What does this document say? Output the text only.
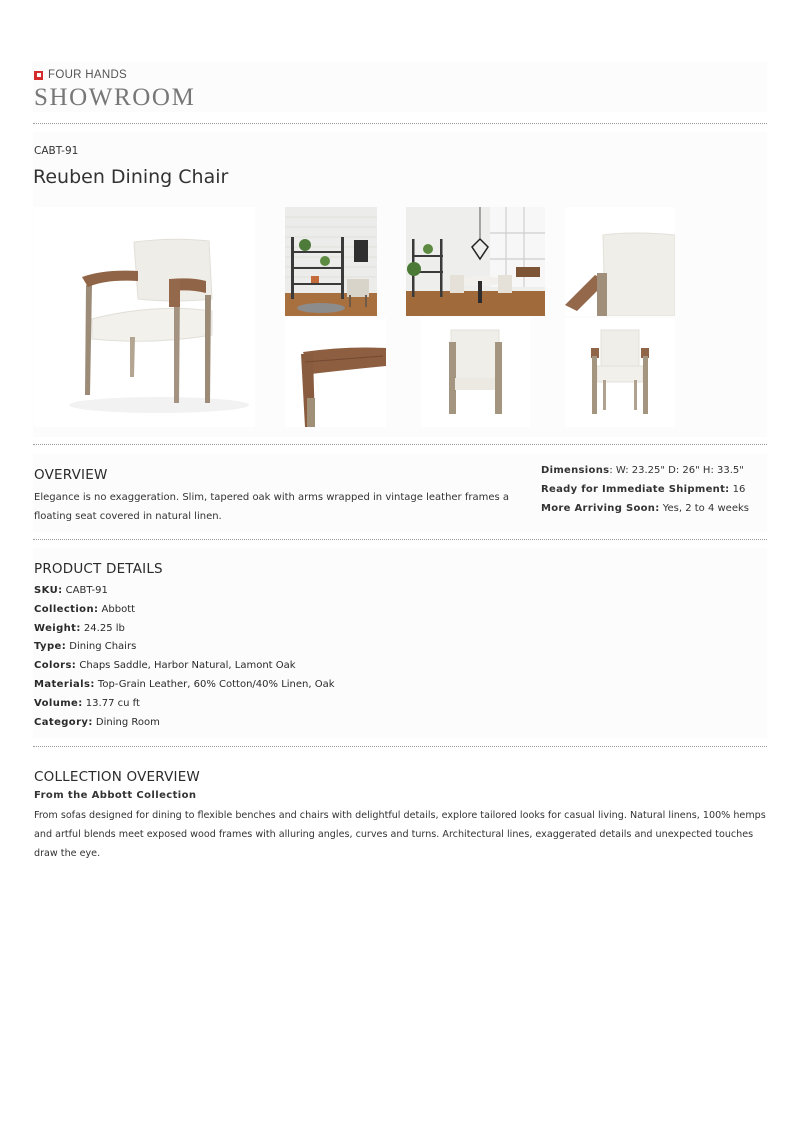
FOUR HANDS
SHOWROOM
CABT-91
Reuben Dining Chair
OVERVIEW
Elegance is no exaggeration. Slim, tapered oak with arms wrapped in vintage leather frames a
floating seat covered in natural linen.
Dimensions: W: 23.25" D: 26" H: 33.5"
Ready for Immediate Shipment: 16
More Arriving Soon: Yes, 2 to 4 weeks
PRODUCT DETAILS
SKU: CABT-91
Collection: Abbott
Weight: 24.25 lb
Type: Dining Chairs
Colors: Chaps Saddle, Harbor Natural, Lamont Oak
Materials: Top-Grain Leather, 60% Cotton/40% Linen, Oak
Volume: 13.77 cu ft
Category: Dining Room
COLLECTION OVERVIEW
From the Abbott Collection
From sofas designed for dining to flexible benches and chairs with delightful details, explore tailored looks for casual living. Natural linens, 100% hemps
and artful blends meet exposed wood frames with alluring angles, curves and turns. Architectural lines, exaggerated details and unexpected touches
draw the eye.
